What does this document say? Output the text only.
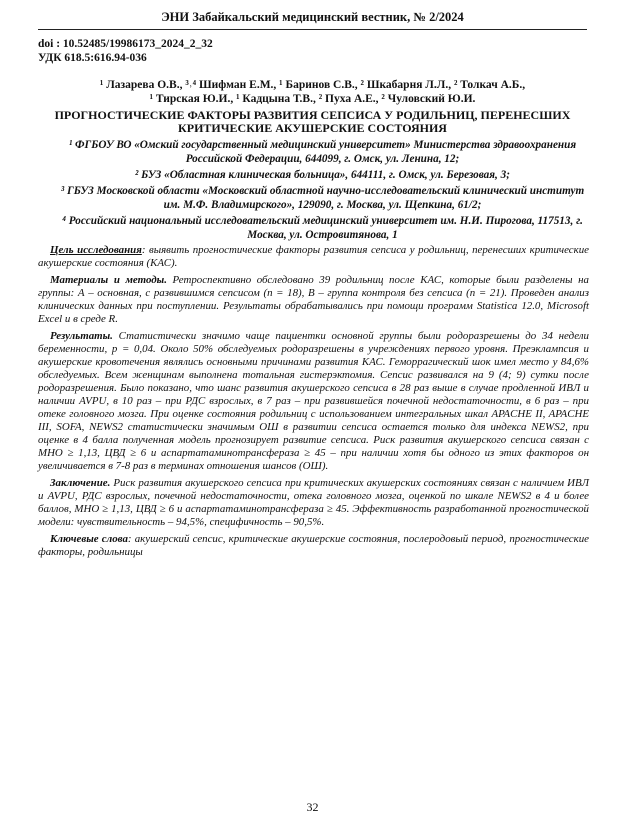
ЭНИ Забайкальский медицинский вестник, № 2/2024
doi : 10.52485/19986173_2024_2_32
УДК 618.5:616.94-036
¹ Лазарева О.В., ³˒⁴ Шифман Е.М., ¹ Баринов С.В., ² Шкабарня Л.Л., ² Толкач А.Б.,
¹ Тирская Ю.И., ¹ Кадцына Т.В., ² Пуха А.Е., ² Чуловский Ю.И.
ПРОГНОСТИЧЕСКИЕ ФАКТОРЫ РАЗВИТИЯ СЕПСИСА У РОДИЛЬНИЦ, ПЕРЕНЕСШИХ КРИТИЧЕСКИЕ АКУШЕРСКИЕ СОСТОЯНИЯ

¹ ФГБОУ ВО «Омский государственный медицинский университет» Министерства здравоохранения Российской Федерации, 644099, г. Омск, ул. Ленина, 12;

² БУЗ «Областная клиническая больница», 644111, г. Омск, ул. Березовая, 3;

³ ГБУЗ Московской области «Московский областной научно-исследовательский клинический институт им. М.Ф. Владимирского», 129090, г. Москва, ул. Щепкина, 61/2;

⁴ Российский национальный исследовательский медицинский университет им. Н.И. Пирогова, 117513, г. Москва, ул. Островитянова, 1

Цель исследования: выявить прогностические факторы развития сепсиса у родильниц, перенесших критические акушерские состояния (КАС).

Материалы и методы. Ретроспективно обследовано 39 родильниц после КАС, которые были разделены на группы: А – основная, с развившимся сепсисом (n = 18), В – группа контроля без сепсиса (n = 21). Проведен анализ клинических данных при поступлении. Результаты обрабатывались при помощи программ Statistica 12.0, Microsoft Excel и в среде R.

Результаты. Статистически значимо чаще пациентки основной группы были родоразрешены до 34 недели беременности, р = 0,04. Около 50% обследуемых родоразрешены в учреждениях первого уровня. Преэклампсия и акушерские кровотечения являлись основными причинами развития КАС. Геморрагический шок имел место у 84,6% обследуемых. Всем женщинам выполнена тотальная гистерэктомия. Сепсис развивался на 9 (4; 9) сутки после родоразрешения. Было показано, что шанс развития акушерского сепсиса в 28 раз выше в случае продленной ИВЛ и наличии AVPU, в 10 раз – при РДС взрослых, в 7 раз – при развившейся почечной недостаточности, в 6 раз – при отеке головного мозга. При оценке состояния родильниц с использованием интегральных шкал APACHE II, APACHE III, SOFA, NEWS2 статистически значимым ОШ в развитии сепсиса остается только для индекса NEWS2, при оценке в 4 балла полученная модель прогнозирует развитие сепсиса. Риск развития акушерского сепсиса связан с МНО ≥ 1,13, ЦВД ≥ 6 и аспартатаминотрансфераза ≥ 45 – при наличии хотя бы одного из этих факторов он увеличивается в 7-8 раз в терминах отношения шансов (ОШ).

Заключение. Риск развития акушерского сепсиса при критических акушерских состояниях связан с наличием ИВЛ и AVPU, РДС взрослых, почечной недостаточности, отека головного мозга, оценкой по шкале NEWS2 в 4 и более баллов, МНО ≥ 1,13, ЦВД ≥ 6 и аспартатаминотрансфераза ≥ 45. Эффективность разработанной прогностической модели: чувствительность – 94,5%, специфичность – 90,5%.

Ключевые слова: акушерский сепсис, критические акушерские состояния, послеродовый период, прогностические факторы, родильницы

32
